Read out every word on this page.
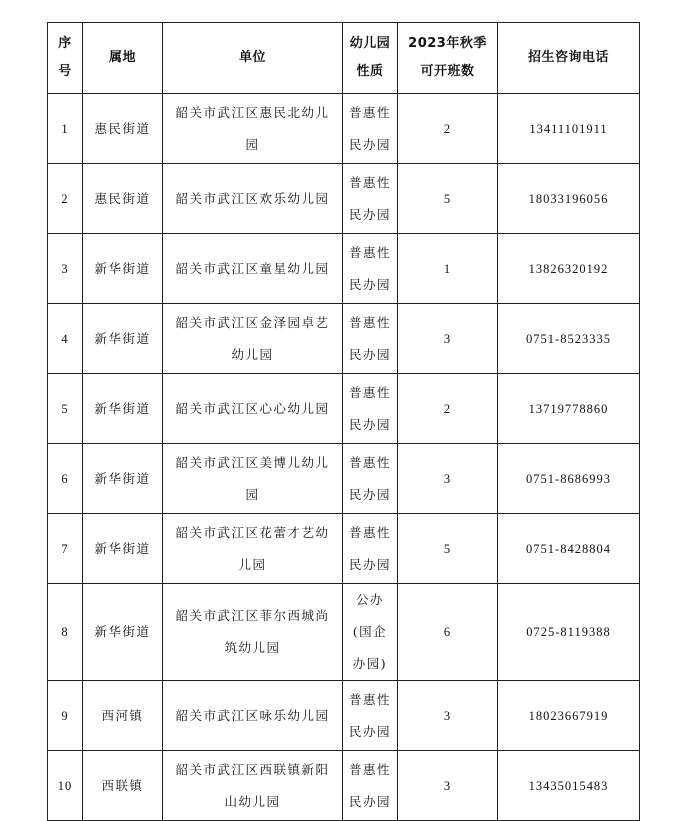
序号	属地	单位	幼儿园性质	2023年秋季可开班数	招生咨询电话
1	惠民街道	韶关市武江区惠民北幼儿园	普惠性民办园	2	13411101911
2	惠民街道	韶关市武江区欢乐幼儿园	普惠性民办园	5	18033196056
3	新华街道	韶关市武江区童星幼儿园	普惠性民办园	1	13826320192
4	新华街道	韶关市武江区金泽园卓艺幼儿园	普惠性民办园	3	0751-8523335
5	新华街道	韶关市武江区心心幼儿园	普惠性民办园	2	13719778860
6	新华街道	韶关市武江区美博儿幼儿园	普惠性民办园	3	0751-8686993
7	新华街道	韶关市武江区花蕾才艺幼儿园	普惠性民办园	5	0751-8428804
8	新华街道	韶关市武江区菲尔西城尚筑幼儿园	公办(国企办园)	6	0725-8119388
9	西河镇	韶关市武江区咏乐幼儿园	普惠性民办园	3	18023667919
10	西联镇	韶关市武江区西联镇新阳山幼儿园	普惠性民办园	3	13435015483
